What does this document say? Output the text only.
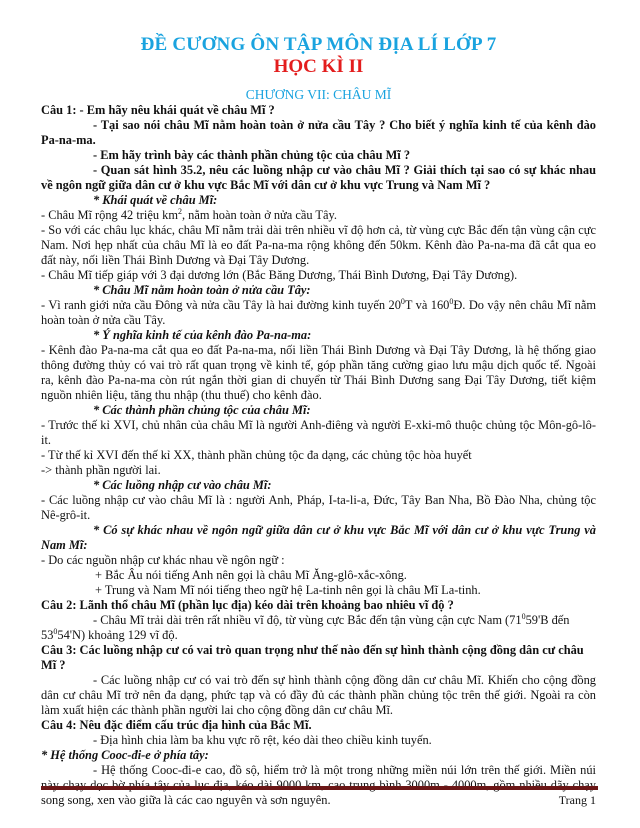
ĐỀ CƯƠNG ÔN TẬP MÔN ĐỊA LÍ LỚP 7
HỌC KÌ II
CHƯƠNG VII: CHÂU MĨ
Câu 1: - Em hãy nêu khái quát về châu Mĩ ?
- Tại sao nói châu Mĩ nằm hoàn toàn ở nửa cầu Tây ? Cho biết ý nghĩa kinh tế của kênh đào Pa-na-ma.
- Em hãy trình bày các thành phần chủng tộc của châu Mĩ ?
- Quan sát hình 35.2, nêu các luồng nhập cư vào châu Mĩ ? Giải thích tại sao có sự khác nhau về ngôn ngữ giữa dân cư ở khu vực Bắc Mĩ với dân cư ở khu vực Trung và Nam Mĩ ?
* Khái quát về châu Mĩ:
- Châu Mĩ rộng 42 triệu $km^2$, nằm hoàn toàn ở nửa cầu Tây.
- So với các châu lục khác, châu Mĩ nằm trải dài trên nhiều vĩ độ hơn cả, từ vùng cực Bắc đến tận vùng cận cực Nam. Nơi hẹp nhất của châu Mĩ là eo đất Pa-na-ma rộng không đến 50km. Kênh đào Pa-na-ma đã cắt qua eo đất này, nối liền Thái Bình Dương và Đại Tây Dương.
- Châu Mĩ tiếp giáp với 3 đại dương lớn (Bắc Băng Dương, Thái Bình Dương, Đại Tây Dương).
* Châu Mĩ nằm hoàn toàn ở nửa cầu Tây:
- Vì ranh giới nửa cầu Đông và nửa cầu Tây là hai đường kinh tuyến $20^0T$ và $160^0Đ$. Do vậy nên châu Mĩ nằm hoàn toàn ở nửa cầu Tây.
* Ý nghĩa kinh tế của kênh đào Pa-na-ma:
- Kênh đào Pa-na-ma cắt qua eo đất Pa-na-ma, nối liền Thái Bình Dương và Đại Tây Dương, là hệ thống giao thông đường thủy có vai trò rất quan trọng về kinh tế, góp phần tăng cường giao lưu mậu dịch quốc tế. Ngoài ra, kênh đào Pa-na-ma còn rút ngắn thời gian di chuyển từ Thái Bình Dương sang Đại Tây Dương, tiết kiệm nguồn nhiên liệu, tăng thu nhập (thu thuế) cho kênh đào.
* Các thành phần chủng tộc của châu Mĩ:
- Trước thế kỉ XVI, chủ nhân của châu Mĩ là người Anh-điêng và người E-xki-mô thuộc chủng tộc Môn-gô-lô-it.
- Từ thế kỉ XVI đến thế kỉ XX, thành phần chủng tộc đa dạng, các chủng tộc hòa huyết
-> thành phần người lai.
* Các luồng nhập cư vào châu Mĩ:
- Các luồng nhập cư vào châu Mĩ là : người Anh, Pháp, I-ta-li-a, Đức, Tây Ban Nha, Bồ Đào Nha, chủng tộc Nê-grô-it.
* Có sự khác nhau về ngôn ngữ giữa dân cư ở khu vực Bắc Mĩ với dân cư ở khu vực Trung và Nam Mĩ:
- Do các nguồn nhập cư khác nhau về ngôn ngữ :
+ Bắc Âu nói tiếng Anh nên gọi là châu Mĩ Ăng-glô-xắc-xông.
+ Trung và Nam Mĩ nói tiếng theo ngữ hệ La-tinh nên gọi là châu Mĩ La-tinh.
Câu 2: Lãnh thổ châu Mĩ (phần lục địa) kéo dài trên khoảng bao nhiêu vĩ độ ?
- Châu Mĩ trải dài trên rất nhiều vĩ độ, từ vùng cực Bắc đến tận vùng cận cực Nam ($71^059'B$ đến $53^054'N$) khoảng 129 vĩ độ.
Câu 3: Các luồng nhập cư có vai trò quan trọng như thế nào đến sự hình thành cộng đồng dân cư châu Mĩ ?
- Các luồng nhập cư có vai trò đến sự hình thành cộng đồng dân cư châu Mĩ. Khiến cho cộng đồng dân cư châu Mĩ trở nên đa dạng, phức tạp và có đầy đủ các thành phần chủng tộc trên thế giới. Ngoài ra còn làm xuất hiện các thành phần người lai cho cộng đồng dân cư châu Mĩ.
Câu 4: Nêu đặc điểm cấu trúc địa hình của Bắc Mĩ.
- Địa hình chia làm ba khu vực rõ rệt, kéo dài theo chiều kinh tuyến.
* Hệ thống Cooc-đi-e ở phía tây:
- Hệ thống Cooc-đi-e cao, đồ sộ, hiểm trở là một trong những miền núi lớn trên thế giới. Miền núi này chạy dọc bờ phía tây của lục địa, kéo dài 9000 km, cao trung bình 3000m - 4000m, gồm nhiều dãy chạy song song, xen vào giữa là các cao nguyên và sơn nguyên.	Trang 1
